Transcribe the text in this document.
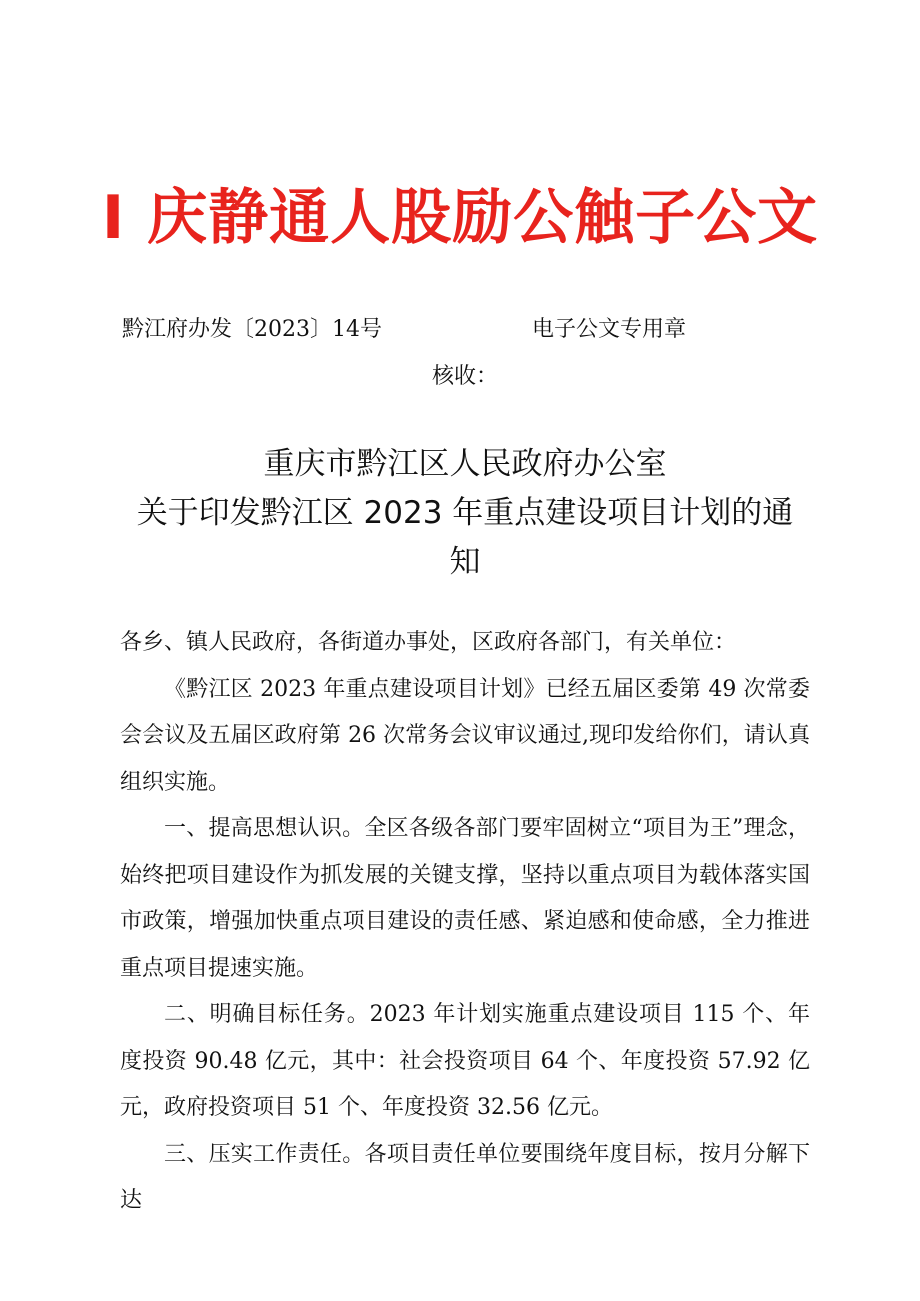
I 庆静通人股励公触子公文
黔江府办发〔2023〕14号	电子公文专用章
核收：
重庆市黔江区人民政府办公室
关于印发黔江区 2023 年重点建设项目计划的通
知

各乡、镇人民政府，各街道办事处，区政府各部门，有关单位：

《黔江区 2023 年重点建设项目计划》已经五届区委第 49 次常委会会议及五届区政府第 26 次常务会议审议通过,现印发给你们，请认真组织实施。

一、提高思想认识。全区各级各部门要牢固树立“项目为王”理念，始终把项目建设作为抓发展的关键支撑，坚持以重点项目为载体落实国市政策，增强加快重点项目建设的责任感、紧迫感和使命感，全力推进重点项目提速实施。

二、明确目标任务。2023 年计划实施重点建设项目 115 个、年度投资 90.48 亿元，其中：社会投资项目 64 个、年度投资 57.92 亿元，政府投资项目 51 个、年度投资 32.56 亿元。

三、压实工作责任。各项目责任单位要围绕年度目标，按月分解下达
